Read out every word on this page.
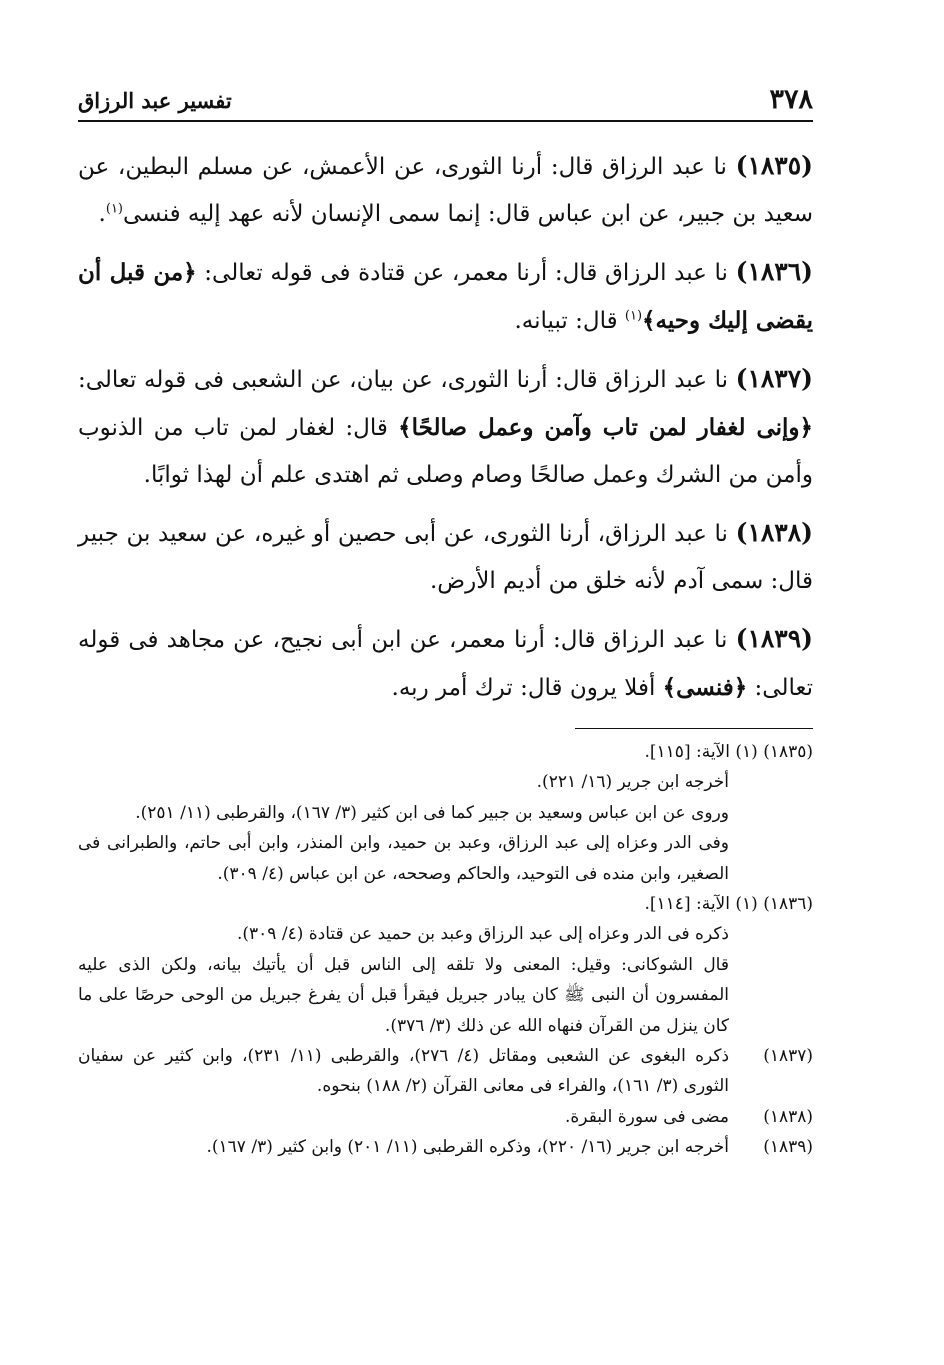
٣٧٨
تفسير عبد الرزاق

(١٨٣٥) نا عبد الرزاق قال: أرنا الثورى، عن الأعمش، عن مسلم البطين، عن سعيد بن جبير، عن ابن عباس قال: إنما سمى الإنسان لأنه عهد إليه فنسى$^{(١)}$.

(١٨٣٦) نا عبد الرزاق قال: أرنا معمر، عن قتادة فى قوله تعالى: ﴿من قبل أن يقضى إليك وحيه﴾$^{(١)}$ قال: تبيانه.

(١٨٣٧) نا عبد الرزاق قال: أرنا الثورى، عن بيان، عن الشعبى فى قوله تعالى: ﴿وإنى لغفار لمن تاب وآمن وعمل صالحًا﴾ قال: لغفار لمن تاب من الذنوب وأمن من الشرك وعمل صالحًا وصام وصلى ثم اهتدى علم أن لهذا ثوابًا.

(١٨٣٨) نا عبد الرزاق، أرنا الثورى، عن أبى حصين أو غيره، عن سعيد بن جبير قال: سمى آدم لأنه خلق من أديم الأرض.

(١٨٣٩) نا عبد الرزاق قال: أرنا معمر، عن ابن أبى نجيح، عن مجاهد فى قوله تعالى: ﴿فنسى﴾ أفلا يرون قال: ترك أمر ربه.

(١٨٣٥) (١) الآية: [١١٥].
أخرجه ابن جرير (١٦/ ٢٢١).
وروى عن ابن عباس وسعيد بن جبير كما فى ابن كثير (٣/ ١٦٧)، والقرطبى (١١/ ٢٥١).
وفى الدر وعزاه إلى عبد الرزاق، وعبد بن حميد، وابن المنذر، وابن أبى حاتم، والطبرانى فى الصغير، وابن منده فى التوحيد، والحاكم وصححه، عن ابن عباس (٤/ ٣٠٩).
(١٨٣٦) (١) الآية: [١١٤].
ذكره فى الدر وعزاه إلى عبد الرزاق وعبد بن حميد عن قتادة (٤/ ٣٠٩).
قال الشوكانى: وقيل: المعنى ولا تلقه إلى الناس قبل أن يأتيك بيانه، ولكن الذى عليه المفسرون أن النبى ﷺ كان يبادر جبريل فيقرأ قبل أن يفرغ جبريل من الوحى حرصًا على ما كان ينزل من القرآن فنهاه الله عن ذلك (٣/ ٣٧٦).
(١٨٣٧)
ذكره البغوى عن الشعبى ومقاتل (٤/ ٢٧٦)، والقرطبى (١١/ ٢٣١)، وابن كثير عن سفيان الثورى (٣/ ١٦١)، والفراء فى معانى القرآن (٢/ ١٨٨) بنحوه.
(١٨٣٨)
مضى فى سورة البقرة.
(١٨٣٩)
أخرجه ابن جرير (١٦/ ٢٢٠)، وذكره القرطبى (١١/ ٢٠١) وابن كثير (٣/ ١٦٧).
